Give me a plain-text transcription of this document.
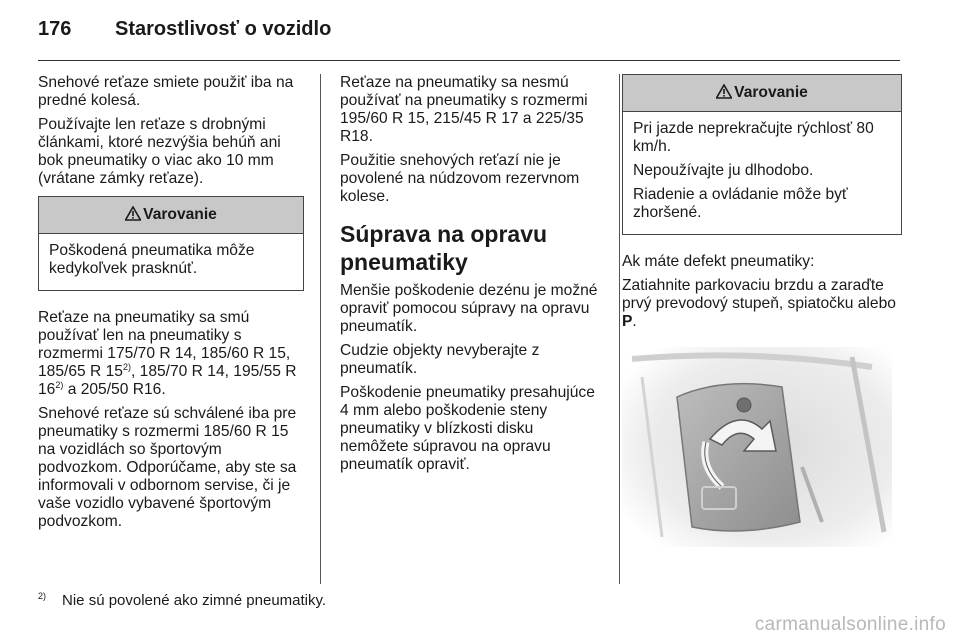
176 Starostlivosť o vozidlo

Snehové reťaze smiete použiť iba na predné kolesá.

Používajte len reťaze s drobnými článkami, ktoré nezvýšia behúň ani bok pneumatiky o viac ako 10 mm (vrátane zámky reťaze).

Varovanie

Poškodená pneumatika môže kedykoľvek prasknúť.

Reťaze na pneumatiky sa smú používať len na pneumatiky s rozmermi 175/70 R 14, 185/60 R 15, 185/65 R 15$^{2)}$, 185/70 R 14, 195/55 R 16$^{2)}$ a 205/50 R16.

Snehové reťaze sú schválené iba pre pneumatiky s rozmermi 185/60 R 15 na vozidlách so športovým podvozkom. Odporúčame, aby ste sa informovali v odbornom servise, či je vaše vozidlo vybavené športovým podvozkom.

Reťaze na pneumatiky sa nesmú používať na pneumatiky s rozmermi 195/60 R 15, 215/45 R 17 a 225/35 R18.

Použitie snehových reťazí nie je povolené na núdzovom rezervnom kolese.

Súprava na opravu pneumatiky

Menšie poškodenie dezénu je možné opraviť pomocou súpravy na opravu pneumatík.

Cudzie objekty nevyberajte z pneumatík.

Poškodenie pneumatiky presahujúce 4 mm alebo poškodenie steny pneumatiky v blízkosti disku nemôžete súpravou na opravu pneumatík opraviť.

Varovanie

Pri jazde neprekračujte rýchlosť 80 km/h.

Nepoužívajte ju dlhodobo.

Riadenie a ovládanie môže byť zhoršené.

Ak máte defekt pneumatiky:

Zatiahnite parkovaciu brzdu a zaraďte prvý prevodový stupeň, spiatočku alebo P.

$^{2)}$ Nie sú povolené ako zimné pneumatiky.
carmanualsonline.info
